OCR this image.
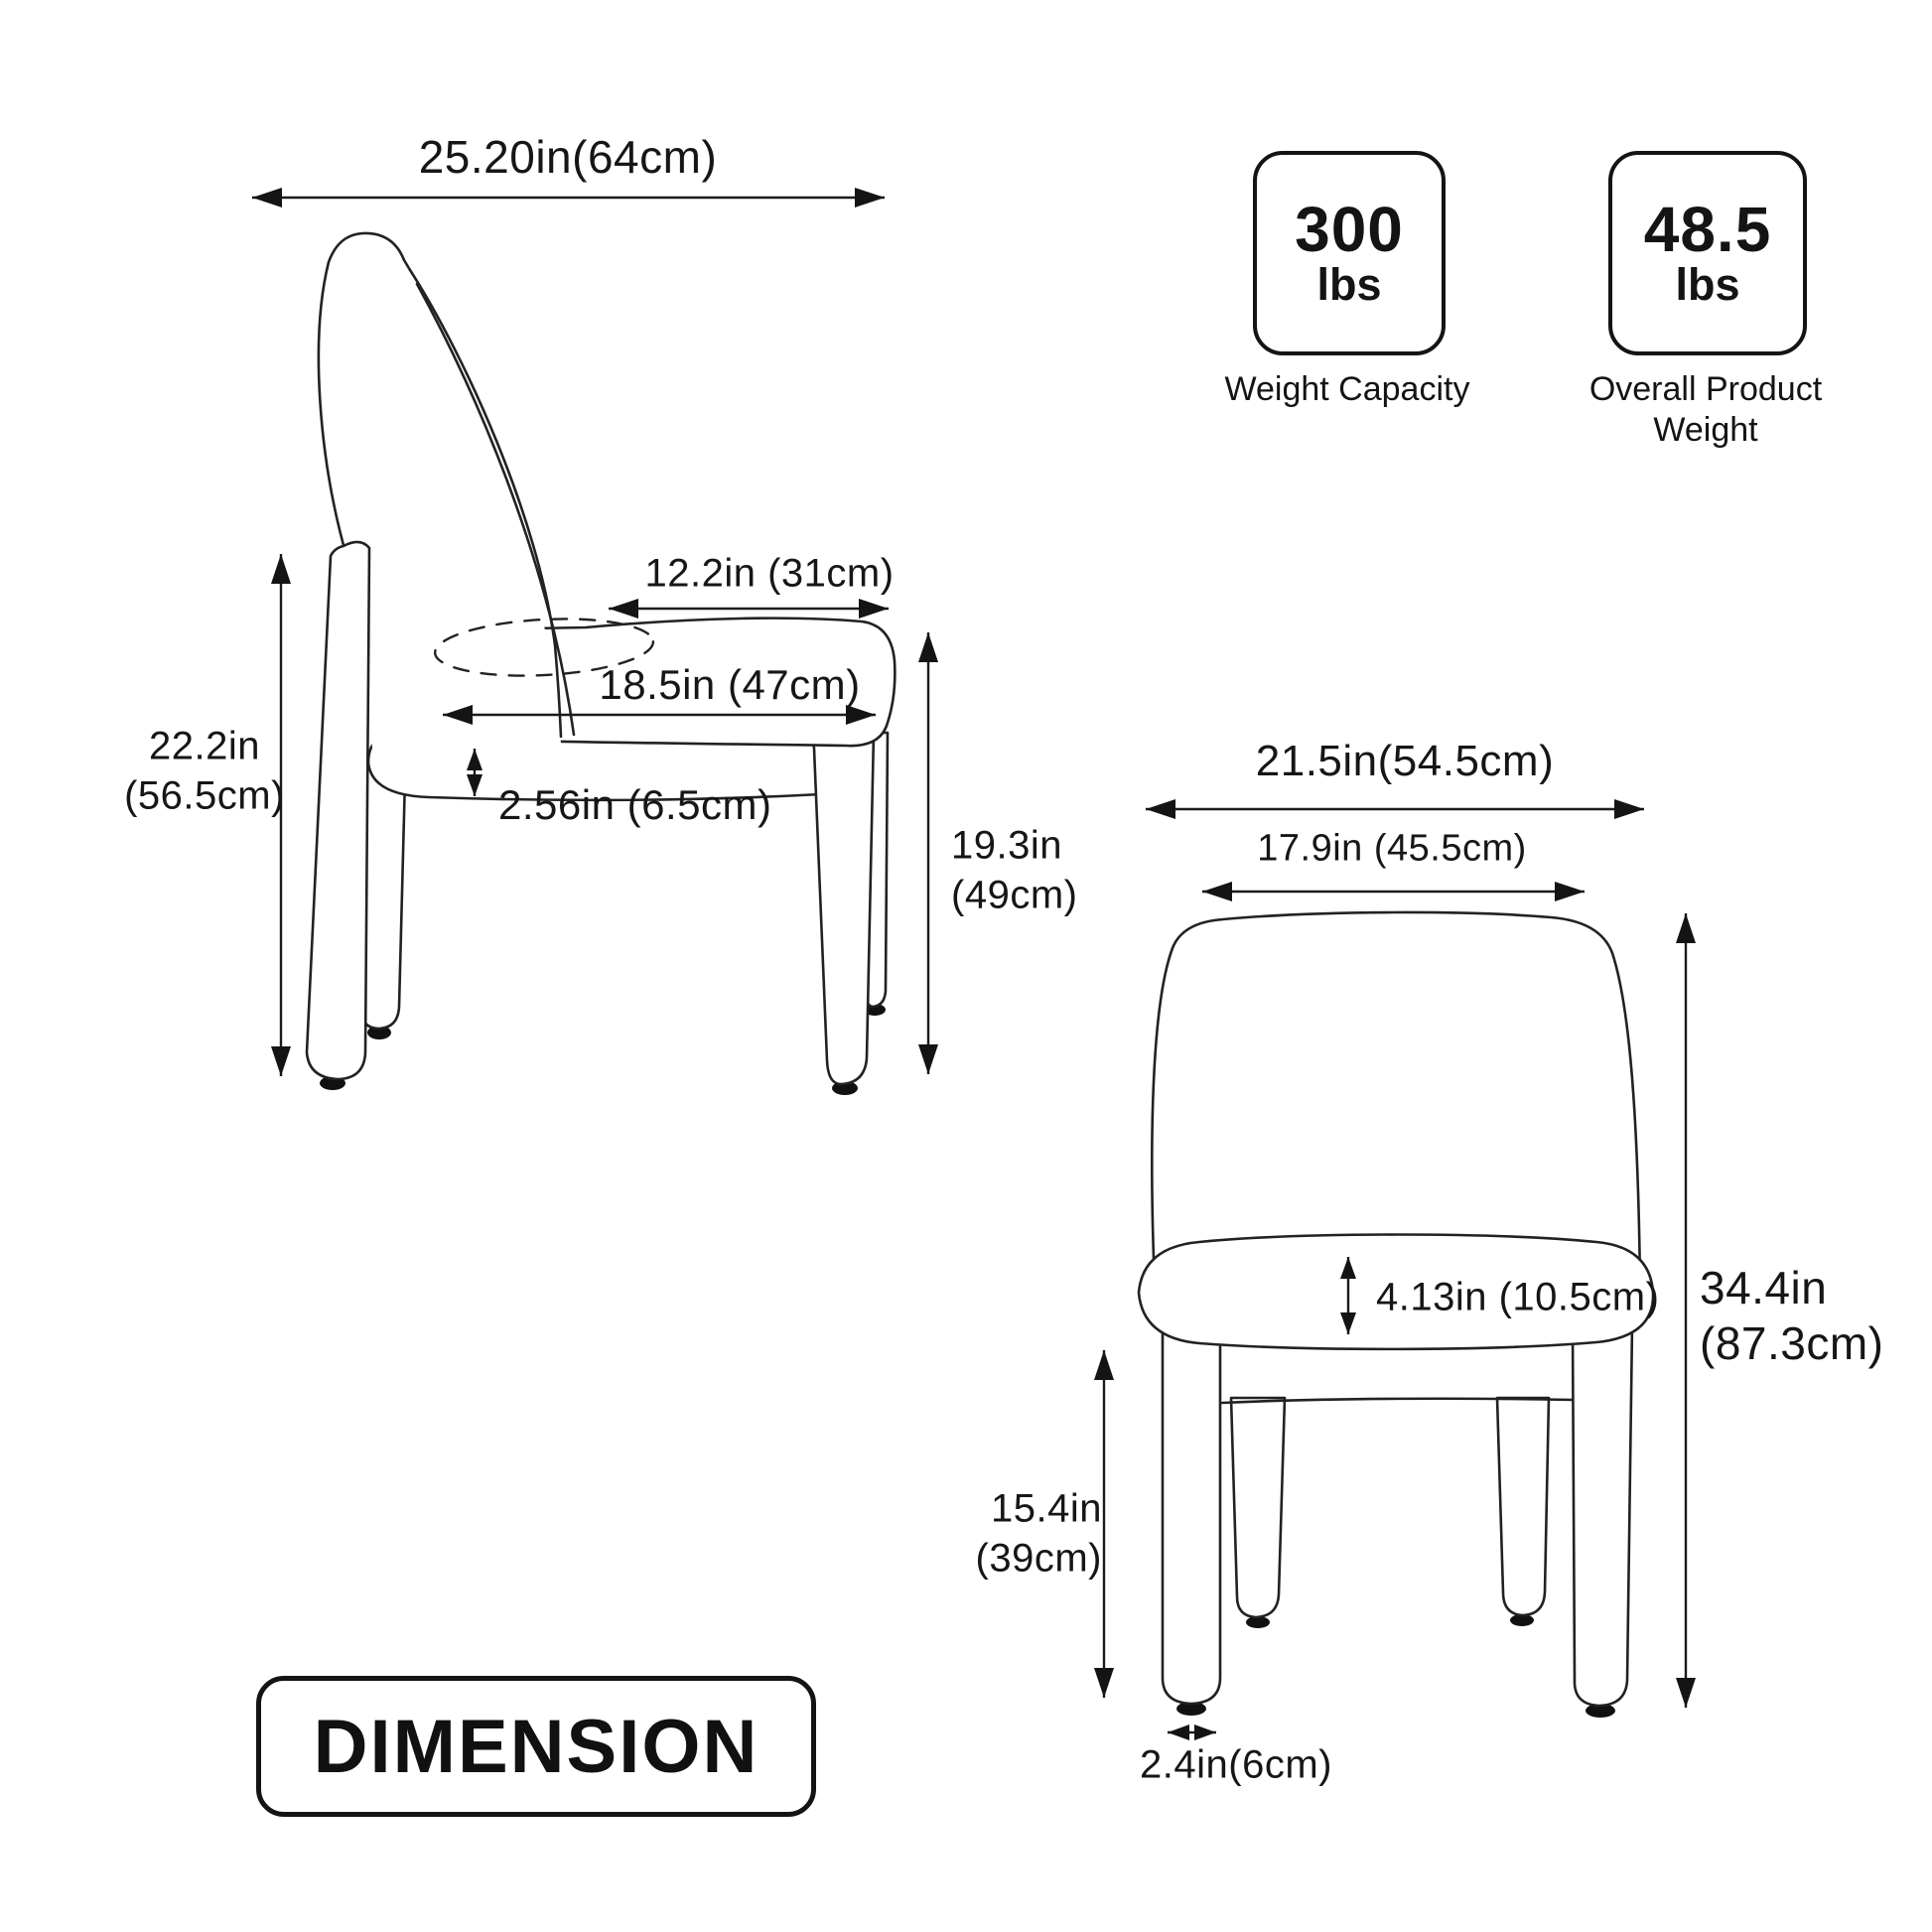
25.20in(64cm)
12.2in (31cm)
18.5in (47cm)
2.56in (6.5cm)
22.2in
(56.5cm)
19.3in
(49cm)
21.5in(54.5cm)
17.9in (45.5cm)
4.13in (10.5cm) 34.4in
(87.3cm)
15.4in
(39cm)
2.4in(6cm)
300
lbs
Weight Capacity
48.5
lbs
Overall Product Weight
DIMENSION
